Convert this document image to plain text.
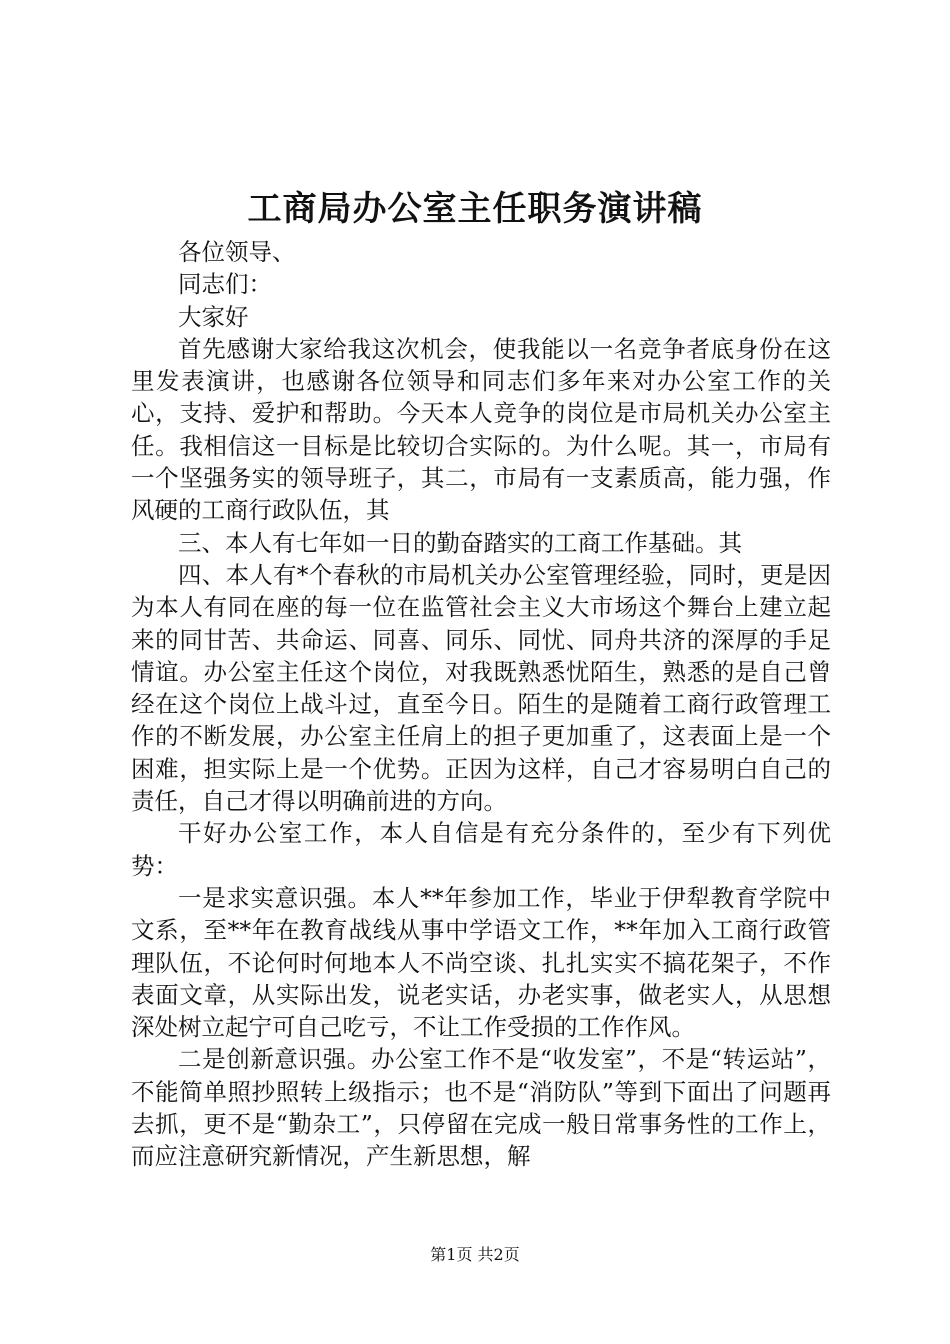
工商局办公室主任职务演讲稿

各位领导、

同志们：

大家好

首先感谢大家给我这次机会，使我能以一名竞争者底身份在这里发表演讲，也感谢各位领导和同志们多年来对办公室工作的关心，支持、爱护和帮助。今天本人竞争的岗位是市局机关办公室主任。我相信这一目标是比较切合实际的。为什么呢。其一，市局有一个坚强务实的领导班子，其二，市局有一支素质高，能力强，作风硬的工商行政队伍，其

三、本人有七年如一日的勤奋踏实的工商工作基础。其

四、本人有*个春秋的市局机关办公室管理经验，同时，更是因为本人有同在座的每一位在监管社会主义大市场这个舞台上建立起来的同甘苦、共命运、同喜、同乐、同忧、同舟共济的深厚的手足情谊。办公室主任这个岗位，对我既熟悉忧陌生，熟悉的是自己曾经在这个岗位上战斗过，直至今日。陌生的是随着工商行政管理工作的不断发展，办公室主任肩上的担子更加重了，这表面上是一个困难，担实际上是一个优势。正因为这样，自己才容易明白自己的责任，自己才得以明确前进的方向。

干好办公室工作，本人自信是有充分条件的，至少有下列优势：

一是求实意识强。本人**年参加工作，毕业于伊犁教育学院中文系，至**年在教育战线从事中学语文工作，**年加入工商行政管理队伍，不论何时何地本人不尚空谈、扎扎实实不搞花架子，不作表面文章，从实际出发，说老实话，办老实事，做老实人，从思想深处树立起宁可自己吃亏，不让工作受损的工作作风。

二是创新意识强。办公室工作不是“收发室”，不是“转运站”，不能简单照抄照转上级指示；也不是“消防队”等到下面出了问题再去抓，更不是“勤杂工”，只停留在完成一般日常事务性的工作上，而应注意研究新情况，产生新思想，解

第1页 共2页
